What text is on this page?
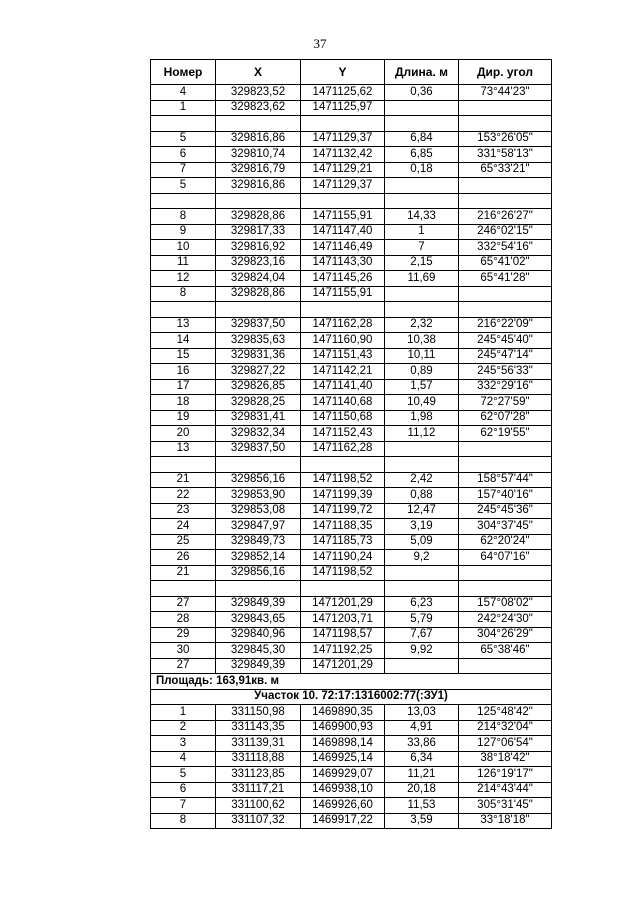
37
Номер	X	Y	Длина. м	Дир. угол
4	329823,52	1471125,62	0,36	73°44'23"
1	329823,62	1471125,97		

5	329816,86	1471129,37	6,84	153°26'05"
6	329810,74	1471132,42	6,85	331°58'13"
7	329816,79	1471129,21	0,18	65°33'21"
5	329816,86	1471129,37		

8	329828,86	1471155,91	14,33	216°26'27"
9	329817,33	1471147,40	1	246°02'15"
10	329816,92	1471146,49	7	332°54'16"
11	329823,16	1471143,30	2,15	65°41'02"
12	329824,04	1471145,26	11,69	65°41'28"
8	329828,86	1471155,91		

13	329837,50	1471162,28	2,32	216°22'09"
14	329835,63	1471160,90	10,38	245°45'40"
15	329831,36	1471151,43	10,11	245°47'14"
16	329827,22	1471142,21	0,89	245°56'33"
17	329826,85	1471141,40	1,57	332°29'16"
18	329828,25	1471140,68	10,49	72°27'59"
19	329831,41	1471150,68	1,98	62°07'28"
20	329832,34	1471152,43	11,12	62°19'55"
13	329837,50	1471162,28		

21	329856,16	1471198,52	2,42	158°57'44"
22	329853,90	1471199,39	0,88	157°40'16"
23	329853,08	1471199,72	12,47	245°45'36"
24	329847,97	1471188,35	3,19	304°37'45"
25	329849,73	1471185,73	5,09	62°20'24"
26	329852,14	1471190,24	9,2	64°07'16"
21	329856,16	1471198,52		

27	329849,39	1471201,29	6,23	157°08'02"
28	329843,65	1471203,71	5,79	242°24'30"
29	329840,96	1471198,57	7,67	304°26'29"
30	329845,30	1471192,25	9,92	65°38'46"
27	329849,39	1471201,29		
Площадь: 163,91кв. м				
Участок 10. 72:17:1316002:77(:ЗУ1)				
1	331150,98	1469890,35	13,03	125°48'42"
2	331143,35	1469900,93	4,91	214°32'04"
3	331139,31	1469898,14	33,86	127°06'54"
4	331118,88	1469925,14	6,34	38°18'42"
5	331123,85	1469929,07	11,21	126°19'17"
6	331117,21	1469938,10	20,18	214°43'44"
7	331100,62	1469926,60	11,53	305°31'45"
8	331107,32	1469917,22	3,59	33°18'18"
